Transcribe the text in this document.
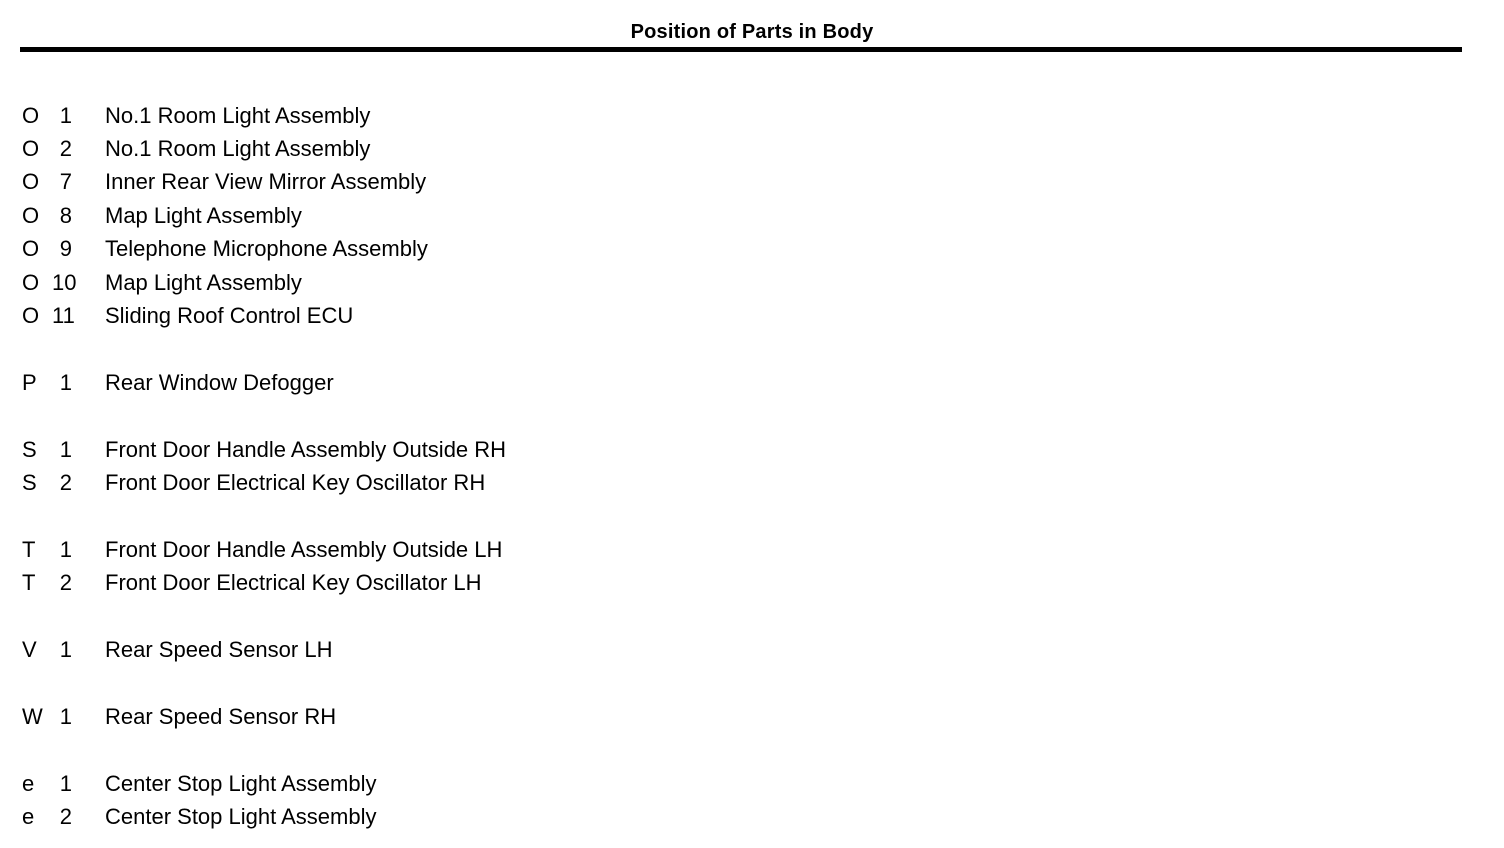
Position of Parts in Body
O 1 No.1 Room Light Assembly
O 2 No.1 Room Light Assembly
O 7 Inner Rear View Mirror Assembly
O 8 Map Light Assembly
O 9 Telephone Microphone Assembly
O 10 Map Light Assembly
O 11 Sliding Roof Control ECU
P	1 Rear Window Defogger
S	1 Front Door Handle Assembly Outside RH
S	2 Front Door Electrical Key Oscillator RH
T	1 Front Door Handle Assembly Outside LH
T	2 Front Door Electrical Key Oscillator LH
V	1 Rear Speed Sensor LH
W 1 Rear Speed Sensor RH
e	1 Center Stop Light Assembly
e	2 Center Stop Light Assembly
